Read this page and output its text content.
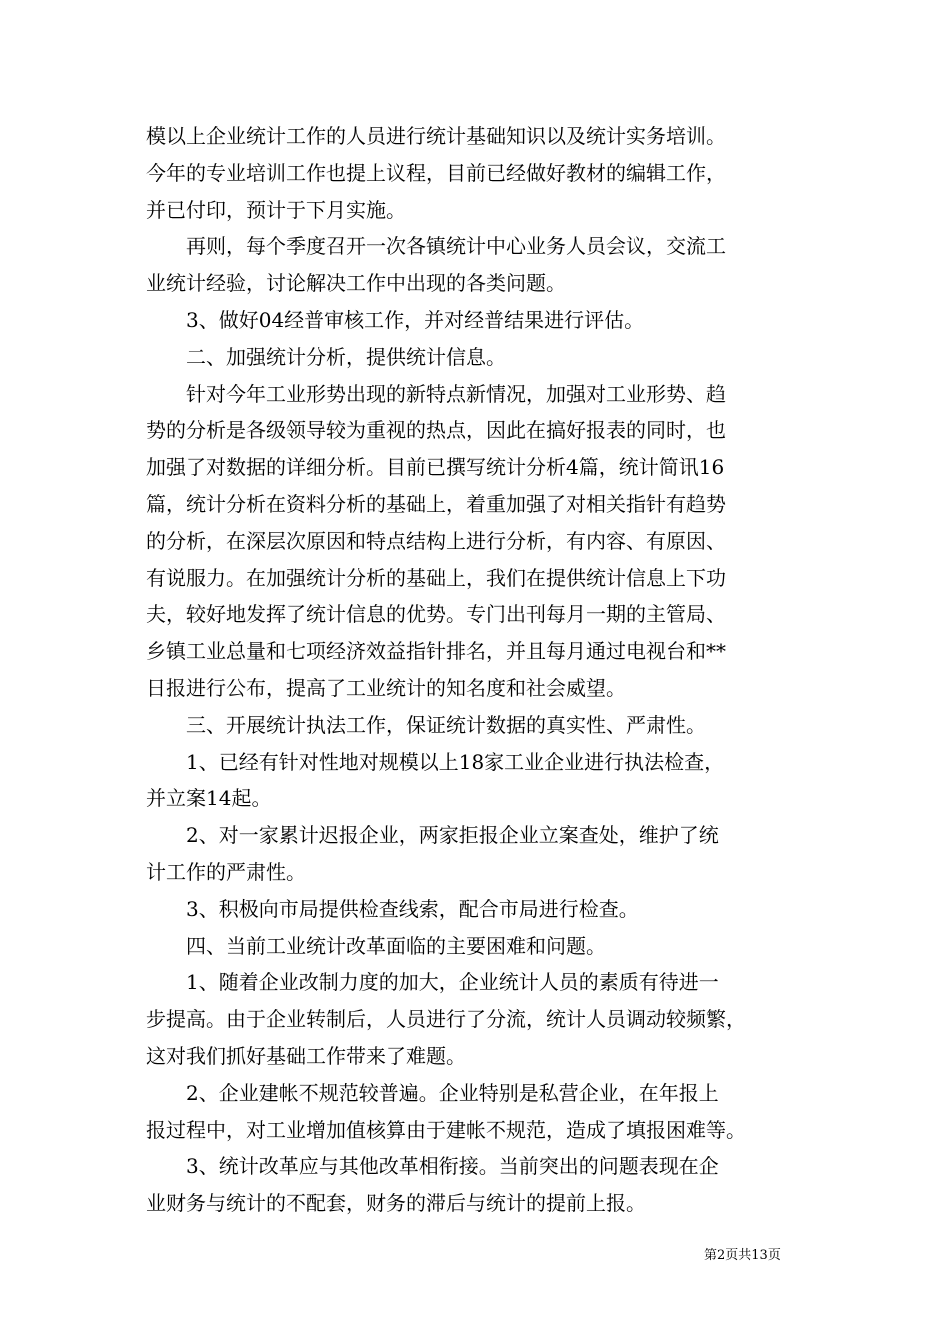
模以上企业统计工作的人员进行统计基础知识以及统计实务培训。
今年的专业培训工作也提上议程，目前已经做好教材的编辑工作，
并已付印，预计于下月实施。
再则，每个季度召开一次各镇统计中心业务人员会议，交流工
业统计经验，讨论解决工作中出现的各类问题。
3、做好04经普审核工作，并对经普结果进行评估。
二、加强统计分析，提供统计信息。
针对今年工业形势出现的新特点新情况，加强对工业形势、趋
势的分析是各级领导较为重视的热点，因此在搞好报表的同时，也
加强了对数据的详细分析。目前已撰写统计分析4篇，统计简讯16
篇，统计分析在资料分析的基础上，着重加强了对相关指针有趋势
的分析，在深层次原因和特点结构上进行分析，有内容、有原因、
有说服力。在加强统计分析的基础上，我们在提供统计信息上下功
夫，较好地发挥了统计信息的优势。专门出刊每月一期的主管局、
乡镇工业总量和七项经济效益指针排名，并且每月通过电视台和**
日报进行公布，提高了工业统计的知名度和社会威望。
三、开展统计执法工作，保证统计数据的真实性、严肃性。
1、已经有针对性地对规模以上18家工业企业进行执法检查，
并立案14起。
2、对一家累计迟报企业，两家拒报企业立案查处，维护了统
计工作的严肃性。
3、积极向市局提供检查线索，配合市局进行检查。
四、当前工业统计改革面临的主要困难和问题。
1、随着企业改制力度的加大，企业统计人员的素质有待进一
步提高。由于企业转制后，人员进行了分流，统计人员调动较频繁，
这对我们抓好基础工作带来了难题。
2、企业建帐不规范较普遍。企业特别是私营企业，在年报上
报过程中，对工业增加值核算由于建帐不规范，造成了填报困难等。
3、统计改革应与其他改革相衔接。当前突出的问题表现在企
业财务与统计的不配套，财务的滞后与统计的提前上报。
第2页共13页
